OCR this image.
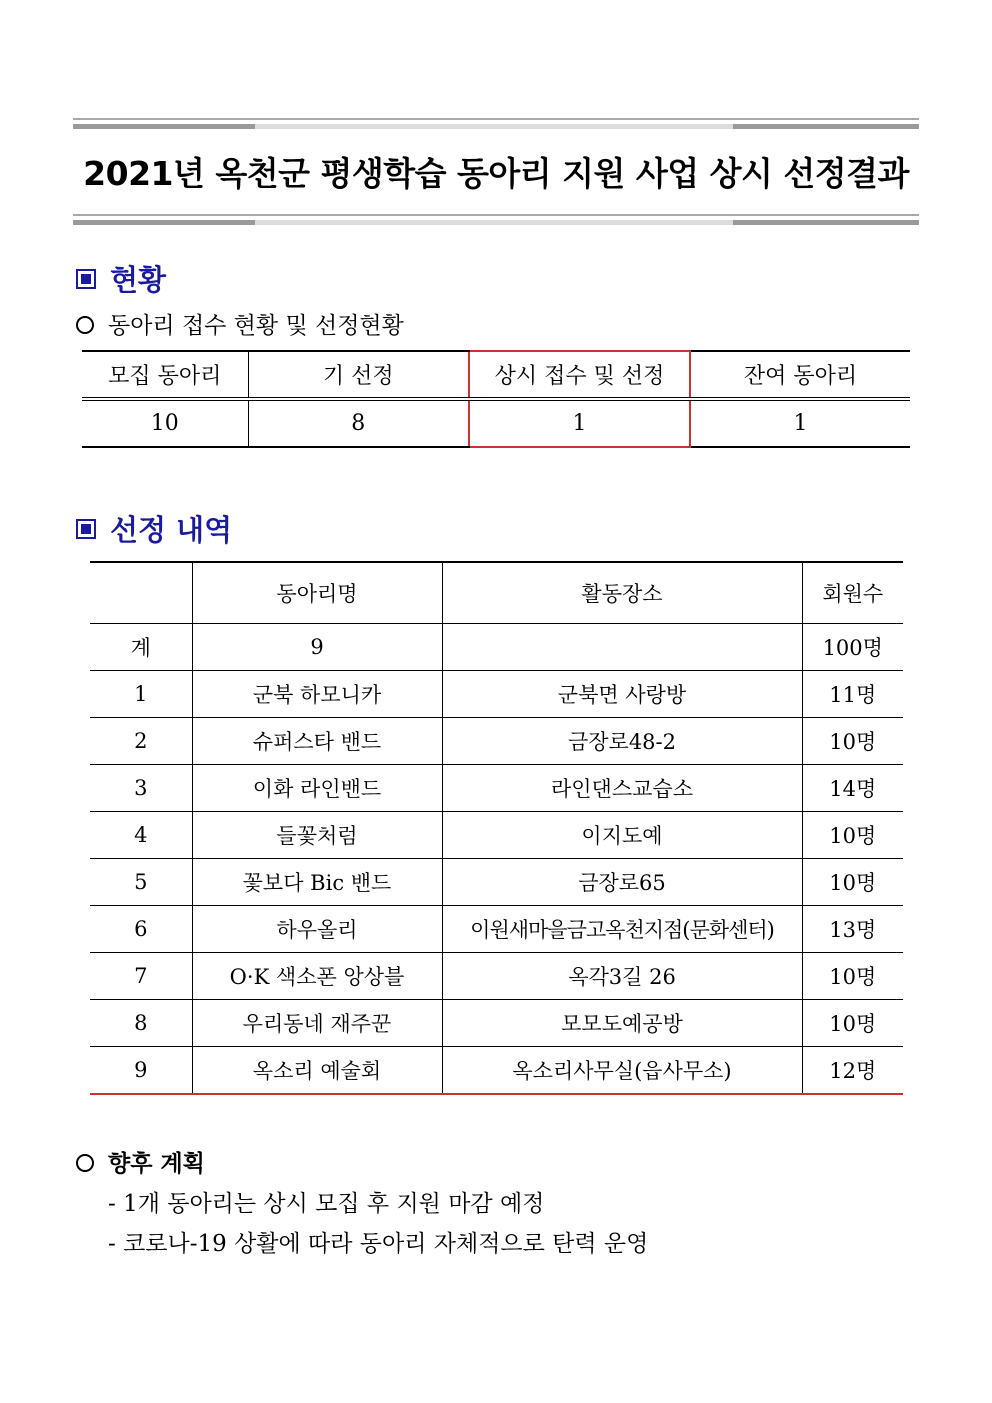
2021년 옥천군 평생학습 동아리 지원 사업 상시 선정결과
현황
동아리 접수 현황 및 선정현황
모집 동아리	기 선정	상시 접수 및 선정	잔여 동아리
10	8	1	1
선정 내역
	동아리명	활동장소	회원수
계	9		100명
1	군북 하모니카	군북면 사랑방	11명
2	슈퍼스타 밴드	금장로48-2	10명
3	이화 라인밴드	라인댄스교습소	14명
4	들꽃처럼	이지도예	10명
5	꽃보다 Bic 밴드	금장로65	10명
6	하우올리	이원새마을금고옥천지점(문화센터)	13명
7	O·K 색소폰 앙상블	옥각3길 26	10명
8	우리동네 재주꾼	모모도예공방	10명
9	옥소리 예술회	옥소리사무실(읍사무소)	12명
향후 계획
- 1개 동아리는 상시 모집 후 지원 마감 예정
- 코로나-19 상활에 따라 동아리 자체적으로 탄력 운영
